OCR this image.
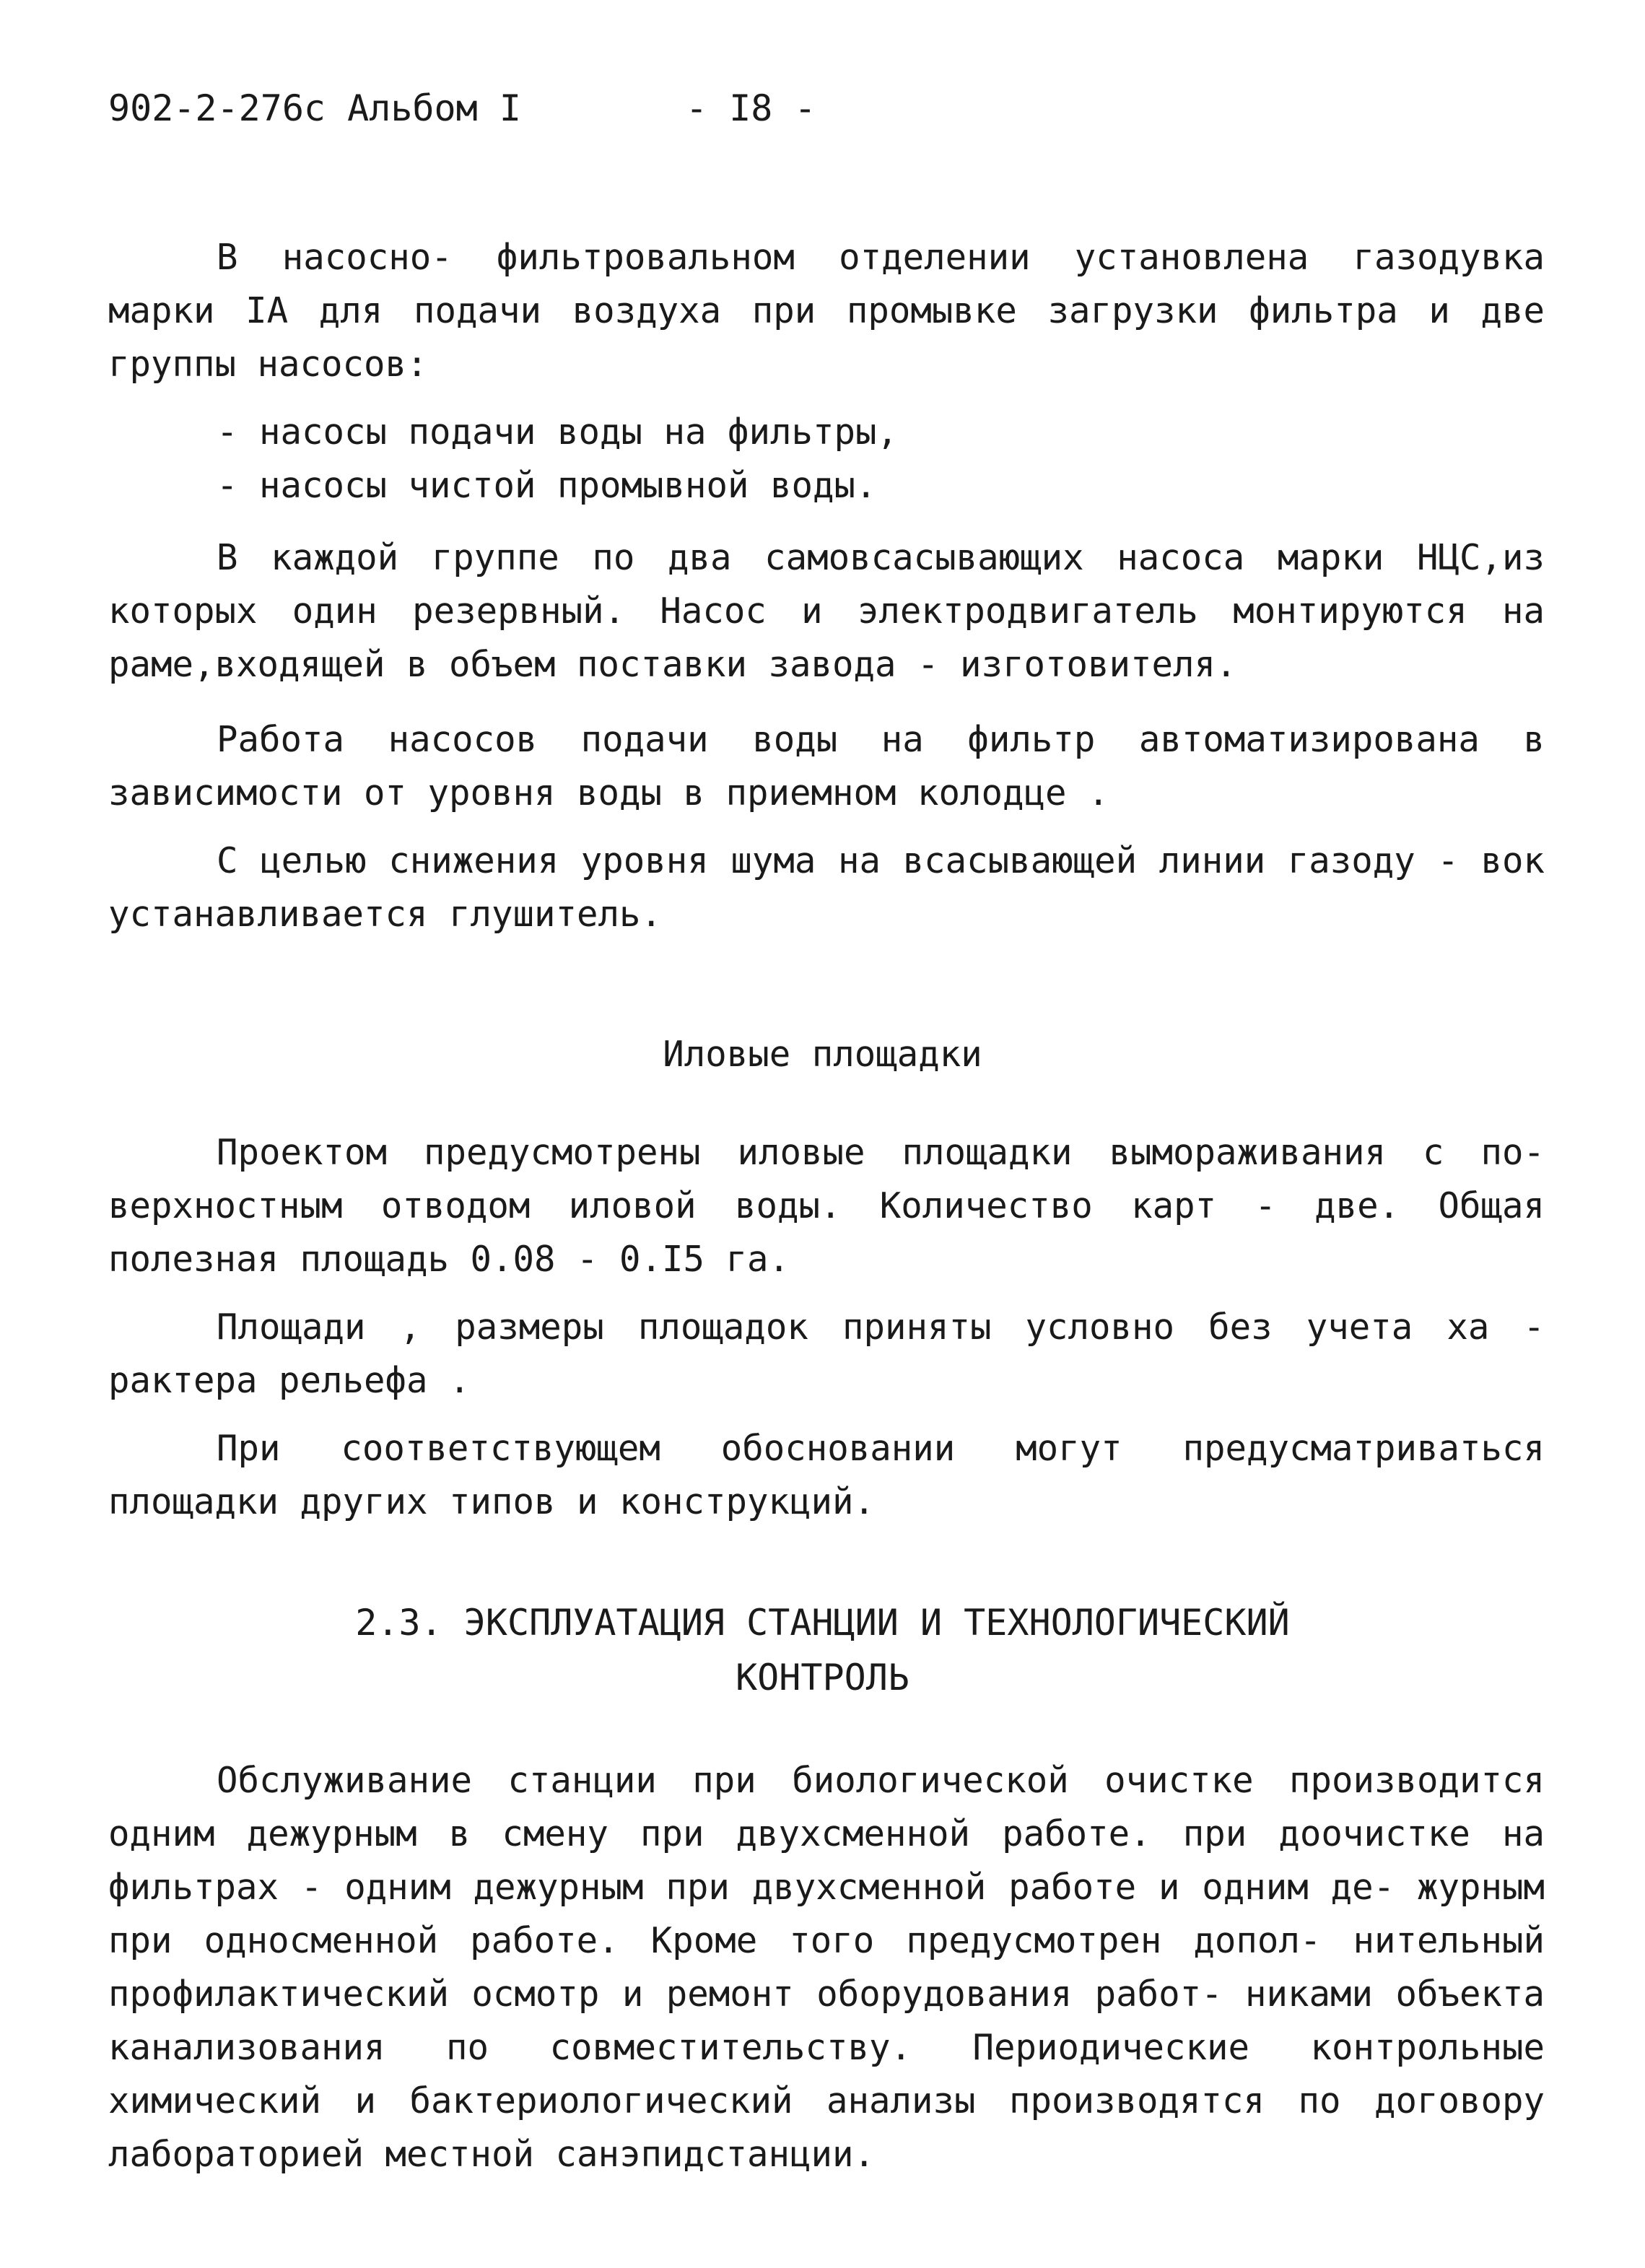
902-2-276с Альбом I	- I8 -

В насосно- фильтровальном отделении установлена газодувка марки IА для подачи воздуха при промывке загрузки фильтра и две группы насосов:

- насосы подачи воды на фильтры,

- насосы чистой промывной воды.

В каждой группе по два самовсасывающих насоса марки НЦС,из которых один резервный. Насос и электродвигатель монтируются на раме,входящей в объем поставки завода - изготовителя.

Работа насосов подачи воды на фильтр автоматизирована в зависимости от уровня воды в приемном колодце .

С целью снижения уровня шума на всасывающей линии газоду - вок устанавливается глушитель.

Иловые площадки

Проектом предусмотрены иловые площадки вымораживания с по- верхностным отводом иловой воды. Количество карт - две. Общая полезная площадь 0.08 - 0.I5 га.

Площади , размеры площадок приняты условно без учета ха - рактера рельефа .

При соответствующем обосновании могут предусматриваться площадки других типов и конструкций.

2.3. ЭКСПЛУАТАЦИЯ СТАНЦИИ И ТЕХНОЛОГИЧЕСКИЙ
КОНТРОЛЬ

Обслуживание станции при биологической очистке производится одним дежурным в смену при двухсменной работе. при доочистке на фильтрах - одним дежурным при двухсменной работе и одним де- журным при односменной работе. Кроме того предусмотрен допол- нительный профилактический осмотр и ремонт оборудования работ- никами объекта канализования по совместительству. Периодические контрольные химический и бактериологический анализы производятся по договору лабораторией местной санэпидстанции.
